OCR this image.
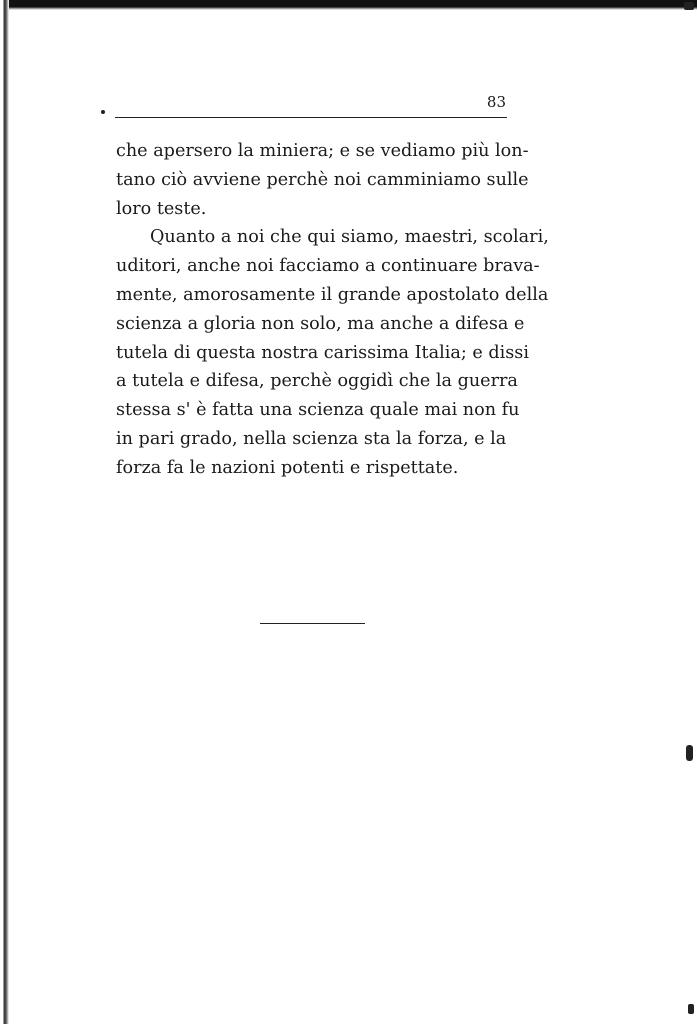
83
che apersero la miniera; e se vediamo più lon-
tano ciò avviene perchè noi camminiamo sulle
loro teste.
Quanto a noi che qui siamo, maestri, scolari,
uditori, anche noi facciamo a continuare brava-
mente, amorosamente il grande apostolato della
scienza a gloria non solo, ma anche a difesa e
tutela di questa nostra carissima Italia; e dissi
a tutela e difesa, perchè oggidì che la guerra
stessa s' è fatta una scienza quale mai non fu
in pari grado, nella scienza sta la forza, e la
forza fa le nazioni potenti e rispettate.
